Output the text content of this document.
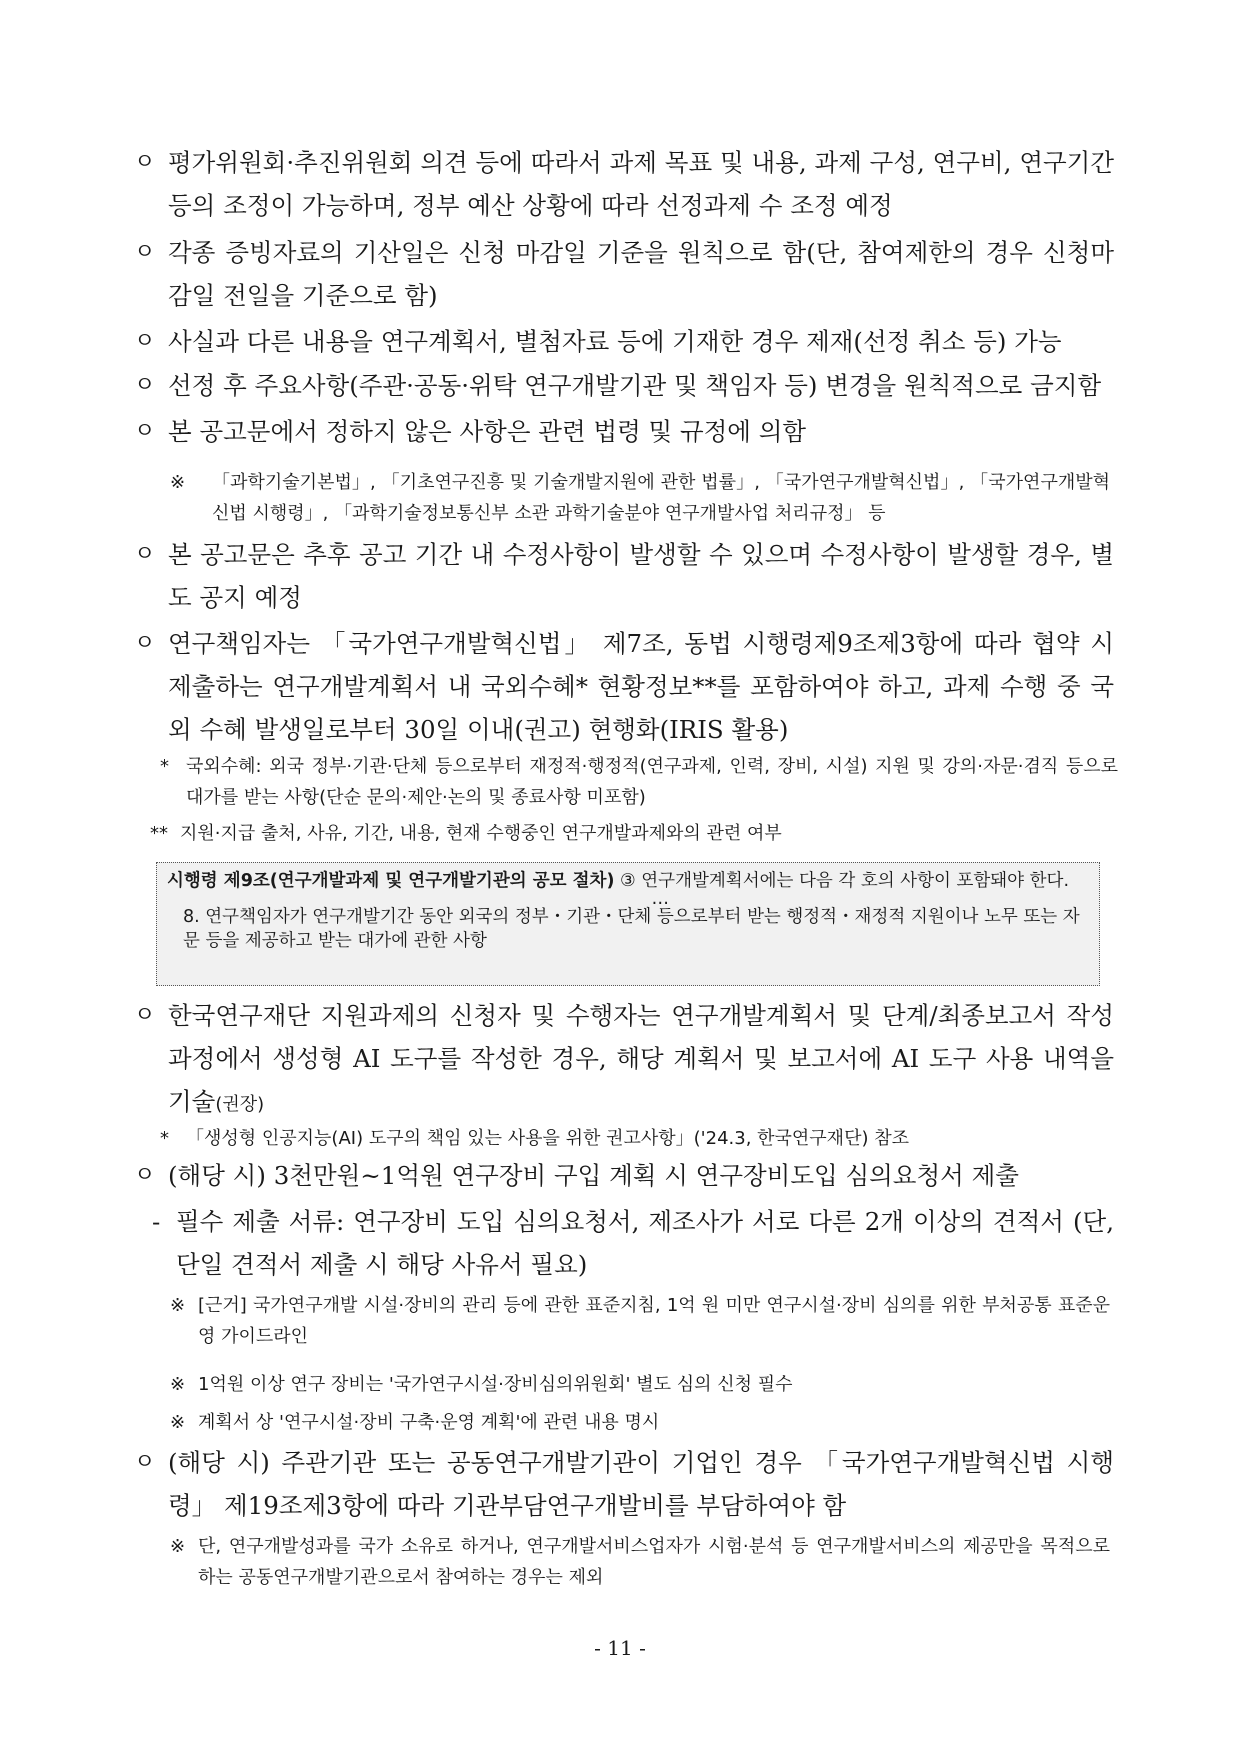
ㅇ 평가위원회·추진위원회 의견 등에 따라서 과제 목표 및 내용, 과제 구성, 연구비, 연구기간 등의 조정이 가능하며, 정부 예산 상황에 따라 선정과제 수 조정 예정
ㅇ 각종 증빙자료의 기산일은 신청 마감일 기준을 원칙으로 함(단, 참여제한의 경우 신청마감일 전일을 기준으로 함)
ㅇ 사실과 다른 내용을 연구계획서, 별첨자료 등에 기재한 경우 제재(선정 취소 등) 가능
ㅇ 선정 후 주요사항(주관·공동·위탁 연구개발기관 및 책임자 등) 변경을 원칙적으로 금지함
ㅇ 본 공고문에서 정하지 않은 사항은 관련 법령 및 규정에 의함
※	「과학기술기본법」, 「기초연구진흥 및 기술개발지원에 관한 법률」, 「국가연구개발혁신법」, 「국가연구개발혁신법 시행령」, 「과학기술정보통신부 소관 과학기술분야 연구개발사업 처리규정」 등
ㅇ 본 공고문은 추후 공고 기간 내 수정사항이 발생할 수 있으며 수정사항이 발생할 경우, 별도 공지 예정
ㅇ 연구책임자는 「국가연구개발혁신법」 제7조, 동법 시행령제9조제3항에 따라 협약 시 제출하는 연구개발계획서 내 국외수혜* 현황정보**를 포함하여야 하고, 과제 수행 중 국외 수혜 발생일로부터 30일 이내(권고) 현행화(IRIS 활용)
* 국외수혜: 외국 정부·기관·단체 등으로부터 재정적·행정적(연구과제, 인력, 장비, 시설) 지원 및 강의·자문·겸직 등으로 대가를 받는 사항(단순 문의·제안·논의 및 종료사항 미포함)
** 지원·지급 출처, 사유, 기간, 내용, 현재 수행중인 연구개발과제와의 관련 여부
시행령 제9조(연구개발과제 및 연구개발기관의 공모 절차) ③ 연구개발계획서에는 다음 각 호의 사항이 포함돼야 한다.
…
8. 연구책임자가 연구개발기간 동안 외국의 정부・기관・단체 등으로부터 받는 행정적・재정적 지원이나 노무 또는 자문 등을 제공하고 받는 대가에 관한 사항
ㅇ 한국연구재단 지원과제의 신청자 및 수행자는 연구개발계획서 및 단계/최종보고서 작성 과정에서 생성형 AI 도구를 작성한 경우, 해당 계획서 및 보고서에 AI 도구 사용 내역을 기술(권장)
* 「생성형 인공지능(AI) 도구의 책임 있는 사용을 위한 권고사항」('24.3, 한국연구재단) 참조
ㅇ (해당 시) 3천만원~1억원 연구장비 구입 계획 시 연구장비도입 심의요청서 제출
- 필수 제출 서류: 연구장비 도입 심의요청서, 제조사가 서로 다른 2개 이상의 견적서 (단, 단일 견적서 제출 시 해당 사유서 필요)
※ [근거] 국가연구개발 시설·장비의 관리 등에 관한 표준지침, 1억 원 미만 연구시설·장비 심의를 위한 부처공통 표준운영 가이드라인
※ 1억원 이상 연구 장비는 '국가연구시설·장비심의위원회' 별도 심의 신청 필수
※ 계획서 상 '연구시설·장비 구축·운영 계획'에 관련 내용 명시
ㅇ (해당 시) 주관기관 또는 공동연구개발기관이 기업인 경우 「국가연구개발혁신법 시행령」 제19조제3항에 따라 기관부담연구개발비를 부담하여야 함
※ 단, 연구개발성과를 국가 소유로 하거나, 연구개발서비스업자가 시험·분석 등 연구개발서비스의 제공만을 목적으로 하는 공동연구개발기관으로서 참여하는 경우는 제외
- 11 -
